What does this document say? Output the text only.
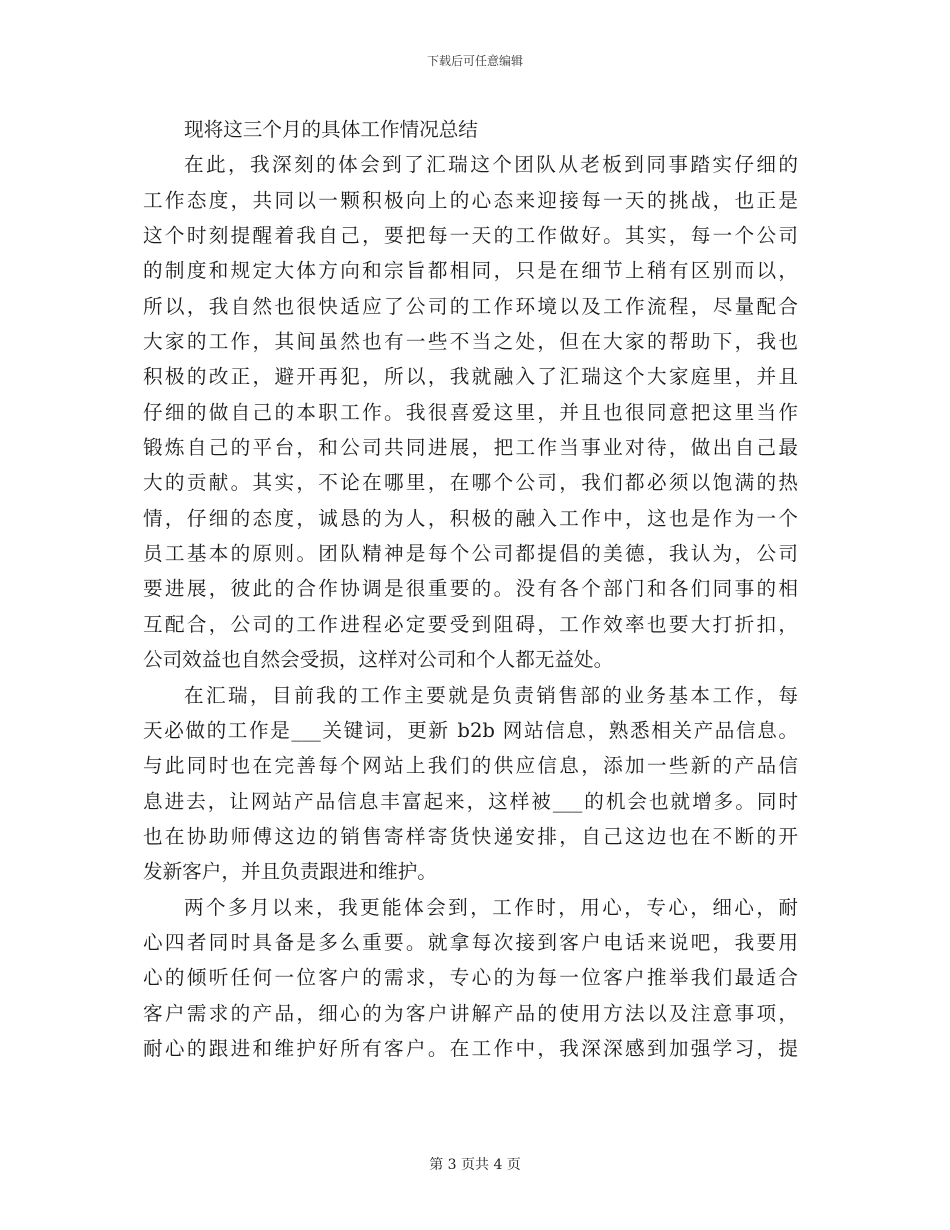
下载后可任意编辑
现将这三个月的具体工作情况总结
在此，我深刻的体会到了汇瑞这个团队从老板到同事踏实仔细的
工作态度，共同以一颗积极向上的心态来迎接每一天的挑战，也正是
这个时刻提醒着我自己，要把每一天的工作做好。其实，每一个公司
的制度和规定大体方向和宗旨都相同，只是在细节上稍有区别而以，
所以，我自然也很快适应了公司的工作环境以及工作流程，尽量配合
大家的工作，其间虽然也有一些不当之处，但在大家的帮助下，我也
积极的改正，避开再犯，所以，我就融入了汇瑞这个大家庭里，并且
仔细的做自己的本职工作。我很喜爱这里，并且也很同意把这里当作
锻炼自己的平台，和公司共同进展，把工作当事业对待，做出自己最
大的贡献。其实，不论在哪里，在哪个公司，我们都必须以饱满的热
情，仔细的态度，诚恳的为人，积极的融入工作中，这也是作为一个
员工基本的原则。团队精神是每个公司都提倡的美德，我认为，公司
要进展，彼此的合作协调是很重要的。没有各个部门和各们同事的相
互配合，公司的工作进程必定要受到阻碍，工作效率也要大打折扣，
公司效益也自然会受损，这样对公司和个人都无益处。
在汇瑞，目前我的工作主要就是负责销售部的业务基本工作，每
天必做的工作是___关键词，更新 b2b 网站信息，熟悉相关产品信息。
与此同时也在完善每个网站上我们的供应信息，添加一些新的产品信
息进去，让网站产品信息丰富起来，这样被___的机会也就增多。同时
也在协助师傅这边的销售寄样寄货快递安排，自己这边也在不断的开
发新客户，并且负责跟进和维护。
两个多月以来，我更能体会到，工作时，用心，专心，细心，耐
心四者同时具备是多么重要。就拿每次接到客户电话来说吧，我要用
心的倾听任何一位客户的需求，专心的为每一位客户推举我们最适合
客户需求的产品，细心的为客户讲解产品的使用方法以及注意事项，
耐心的跟进和维护好所有客户。在工作中，我深深感到加强学习，提
第 3 页共 4 页
